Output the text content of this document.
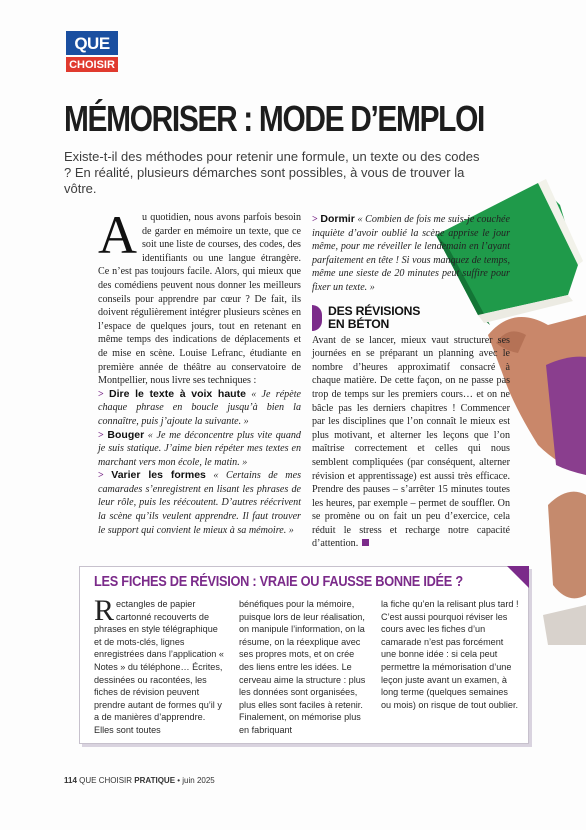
QUE
CHOISIR
MÉMORISER : MODE D’EMPLOI
Existe-t-il des méthodes pour retenir une formule, un texte ou des codes ? En réalité, plusieurs démarches sont possibles, à vous de trouver la vôtre.

A u quotidien, nous avons parfois besoin de garder en mémoire un texte, que ce soit une liste de courses, des codes, des identifiants ou une langue étrangère. Ce n’est pas toujours facile. Alors, qui mieux que des comédiens peuvent nous donner les meilleurs conseils pour apprendre par cœur ? De fait, ils doivent régulièrement intégrer plusieurs scènes en l’espace de quelques jours, tout en retenant en même temps des indications de déplacements et de mise en scène. Louise Lefranc, étudiante en première année de théâtre au conservatoire de Montpellier, nous livre ses techniques :

> Dire le texte à voix haute « Je répète chaque phrase en boucle jusqu’à bien la connaître, puis j’ajoute la suivante. »

> Bouger « Je me déconcentre plus vite quand je suis statique. J’aime bien répéter mes textes en marchant vers mon école, le matin. »

> Varier les formes « Certains de mes camarades s’enregistrent en lisant les phrases de leur rôle, puis les réécoutent. D’autres réécrivent la scène qu’ils veulent apprendre. Il faut trouver le support qui convient le mieux à sa mémoire. »

> Dormir « Combien de fois me suis-je couchée inquiète d’avoir oublié la scène apprise le jour même, pour me réveiller le lendemain en l’ayant parfaitement en tête ! Si vous manquez de temps, même une sieste de 20 minutes peut suffire pour fixer un texte. »

DES RÉVISIONS
EN BÉTON

Avant de se lancer, mieux vaut structurer ses journées en se préparant un planning avec le nombre d’heures approximatif consacré à chaque matière. De cette façon, on ne passe pas trop de temps sur les premiers cours… et on ne bâcle pas les derniers chapitres ! Commencer par les disciplines que l’on connaît le mieux est plus motivant, et alterner les leçons que l’on maîtrise correctement et celles qui nous semblent compliquées (par conséquent, alterner révision et apprentissage) est aussi très efficace. Prendre des pauses – s’arrêter 15 minutes toutes les heures, par exemple – permet de souffler. On se promène ou on fait un peu d’exercice, cela réduit le stress et recharge notre capacité d’attention.

LES FICHES DE RÉVISION : VRAIE OU FAUSSE BONNE IDÉE ?
R ectangles de papier cartonné recouverts de phrases en style télégraphique et de mots-clés, lignes enregistrées dans l’application « Notes » du téléphone… Écrites, dessinées ou racontées, les fiches de révision peuvent prendre autant de formes qu’il y a de manières d’apprendre. Elles sont toutes
bénéfiques pour la mémoire, puisque lors de leur réalisation, on manipule l’information, on la résume, on la réexplique avec ses propres mots, et on crée des liens entre les idées. Le cerveau aime la structure : plus les données sont organisées, plus elles sont faciles à retenir. Finalement, on mémorise plus en fabriquant
la fiche qu’en la relisant plus tard ! C’est aussi pourquoi réviser les cours avec les fiches d’un camarade n’est pas forcément une bonne idée : si cela peut permettre la mémorisation d’une leçon juste avant un examen, à long terme (quelques semaines ou mois) on risque de tout oublier.
114 QUE CHOISIR PRATIQUE • juin 2025
